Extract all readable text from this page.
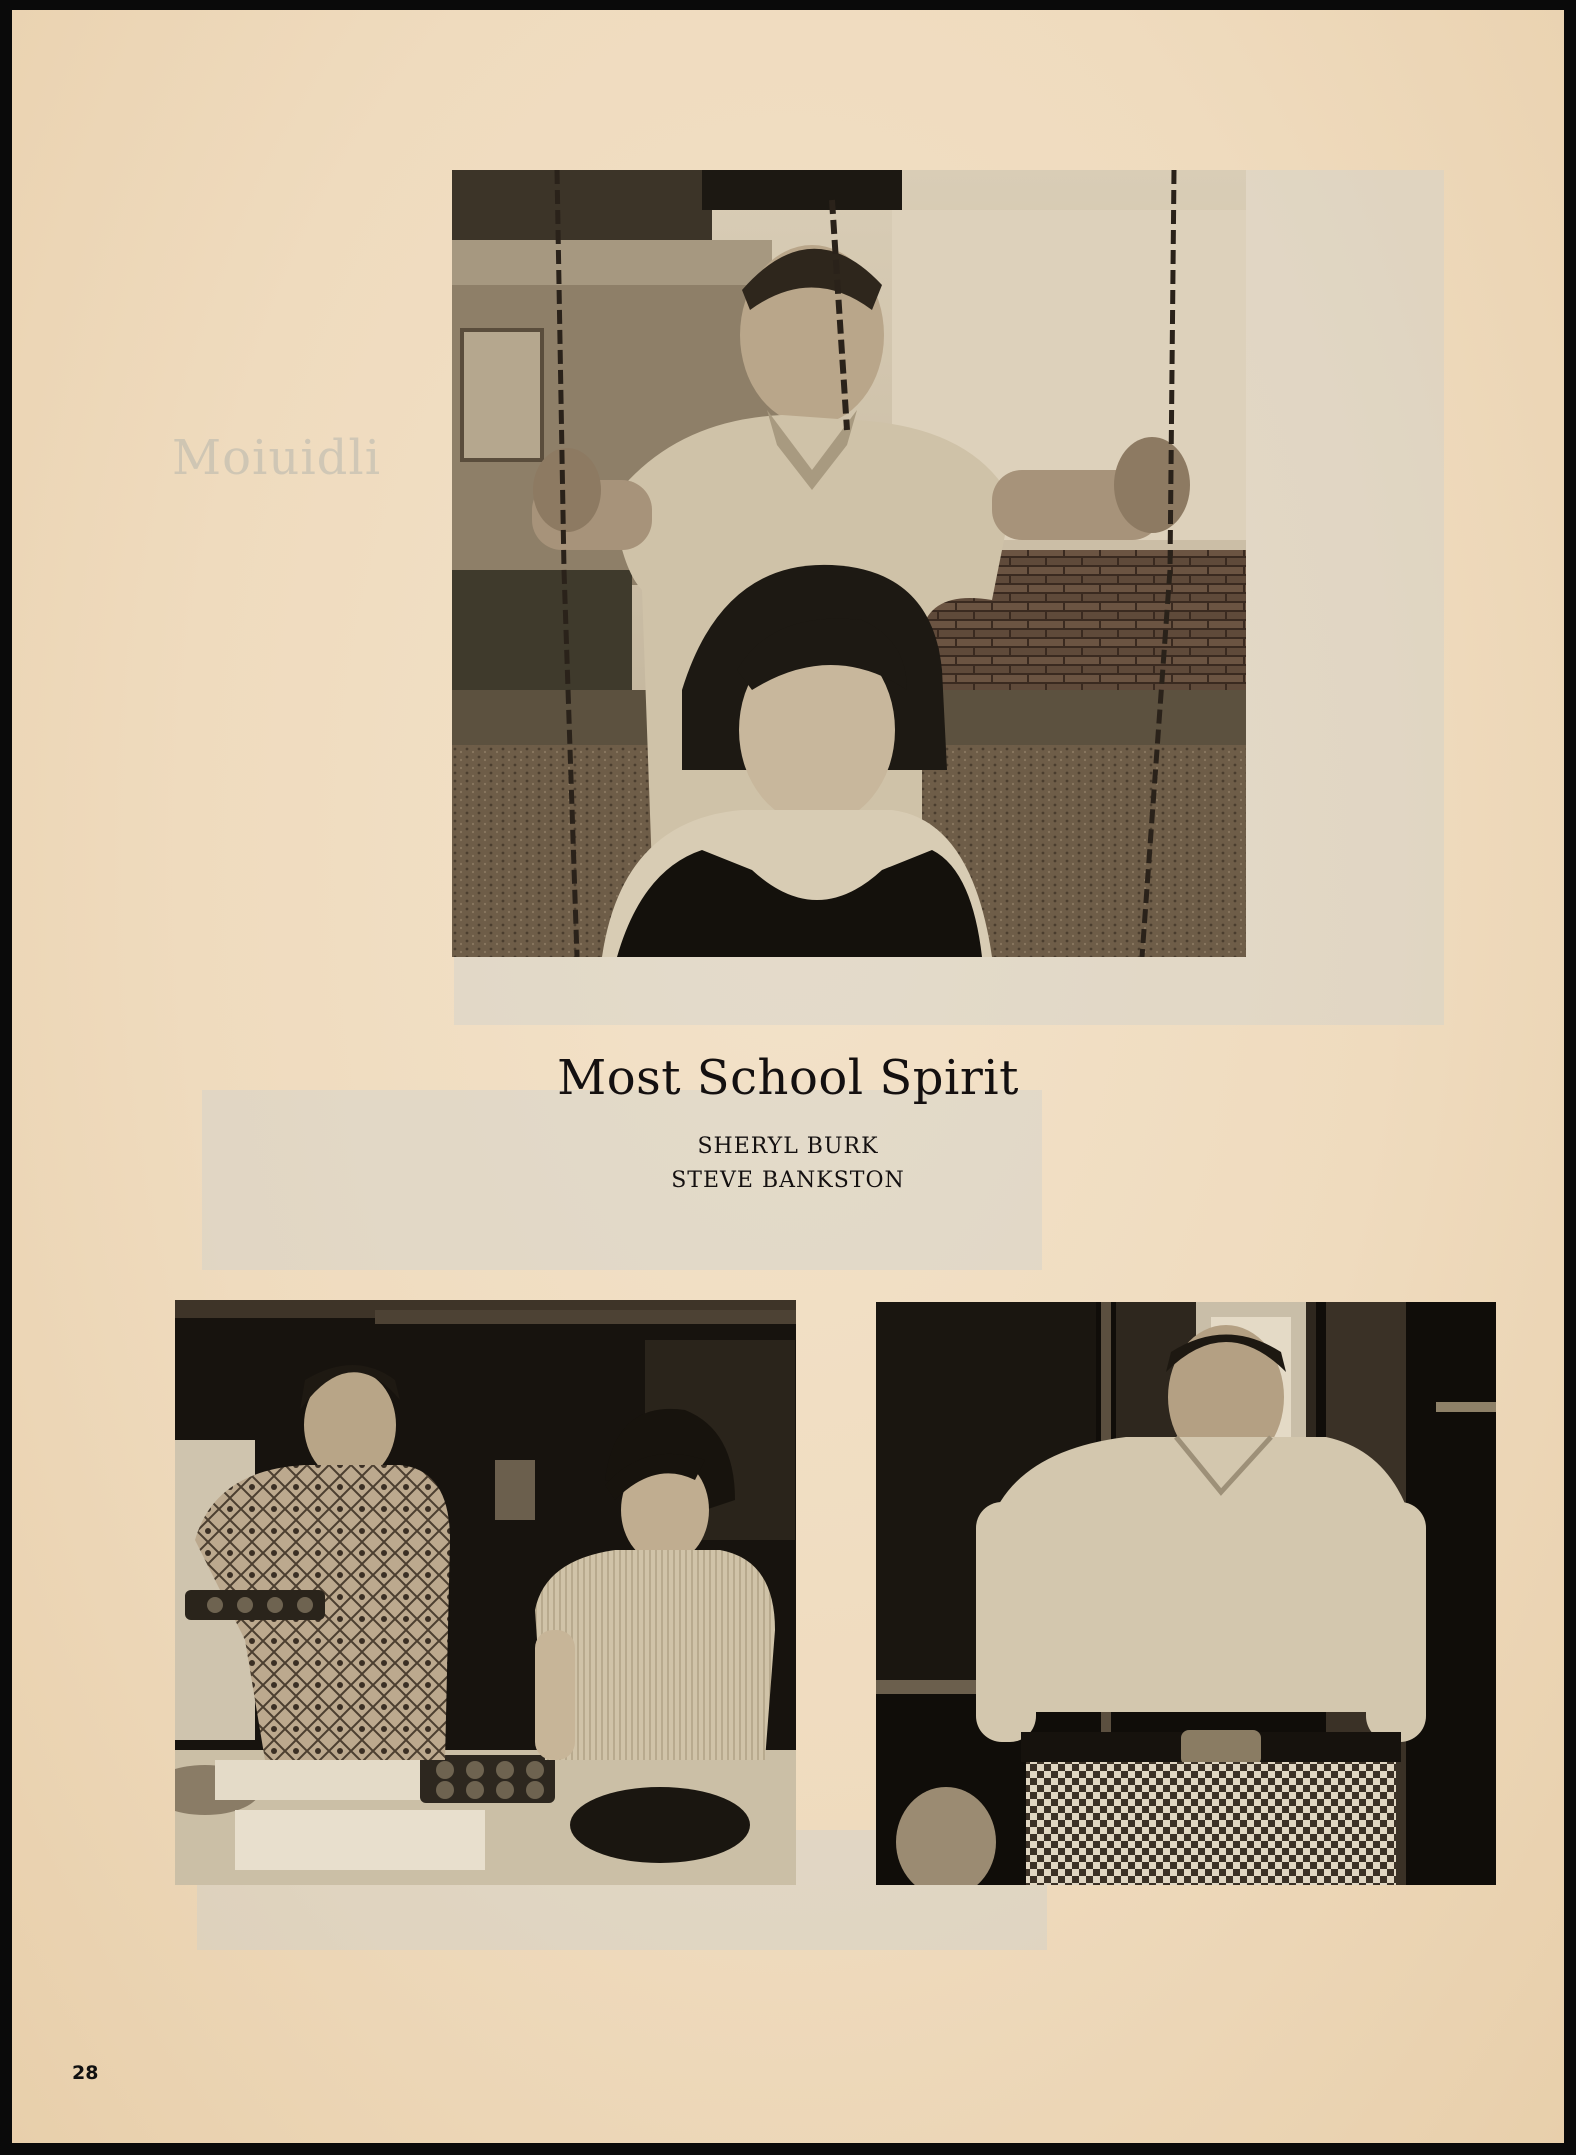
Moiuidli
Most School Spirit
SHERYL BURK
STEVE BANKSTON
28
